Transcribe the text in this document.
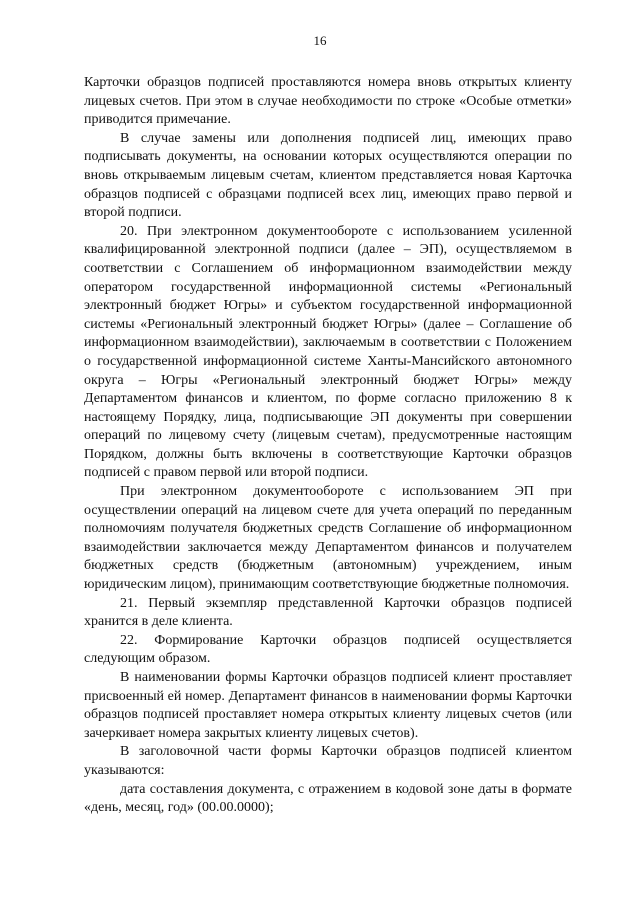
16

Карточки образцов подписей проставляются номера вновь открытых клиенту лицевых счетов. При этом в случае необходимости по строке «Особые отметки» приводится примечание.

В случае замены или дополнения подписей лиц, имеющих право подписывать документы, на основании которых осуществляются операции по вновь открываемым лицевым счетам, клиентом представляется новая Карточка образцов подписей с образцами подписей всех лиц, имеющих право первой и второй подписи.

20. При электронном документообороте с использованием усиленной квалифицированной электронной подписи (далее – ЭП), осуществляемом в соответствии с Соглашением об информационном взаимодействии между оператором государственной информационной системы «Региональный электронный бюджет Югры» и субъектом государственной информационной системы «Региональный электронный бюджет Югры» (далее – Соглашение об информационном взаимодействии), заключаемым в соответствии с Положением о государственной информационной системе Ханты-Мансийского автономного округа – Югры «Региональный электронный бюджет Югры» между Департаментом финансов и клиентом, по форме согласно приложению 8 к настоящему Порядку, лица, подписывающие ЭП документы при совершении операций по лицевому счету (лицевым счетам), предусмотренные настоящим Порядком, должны быть включены в соответствующие Карточки образцов подписей с правом первой или второй подписи.

При электронном документообороте с использованием ЭП при осуществлении операций на лицевом счете для учета операций по переданным полномочиям получателя бюджетных средств Соглашение об информационном взаимодействии заключается между Департаментом финансов и получателем бюджетных средств (бюджетным (автономным) учреждением, иным юридическим лицом), принимающим соответствующие бюджетные полномочия.

21. Первый экземпляр представленной Карточки образцов подписей хранится в деле клиента.

22. Формирование Карточки образцов подписей осуществляется следующим образом.

В наименовании формы Карточки образцов подписей клиент проставляет присвоенный ей номер. Департамент финансов в наименовании формы Карточки образцов подписей проставляет номера открытых клиенту лицевых счетов (или зачеркивает номера закрытых клиенту лицевых счетов).

В заголовочной части формы Карточки образцов подписей клиентом указываются:

дата составления документа, с отражением в кодовой зоне даты в формате «день, месяц, год» (00.00.0000);
